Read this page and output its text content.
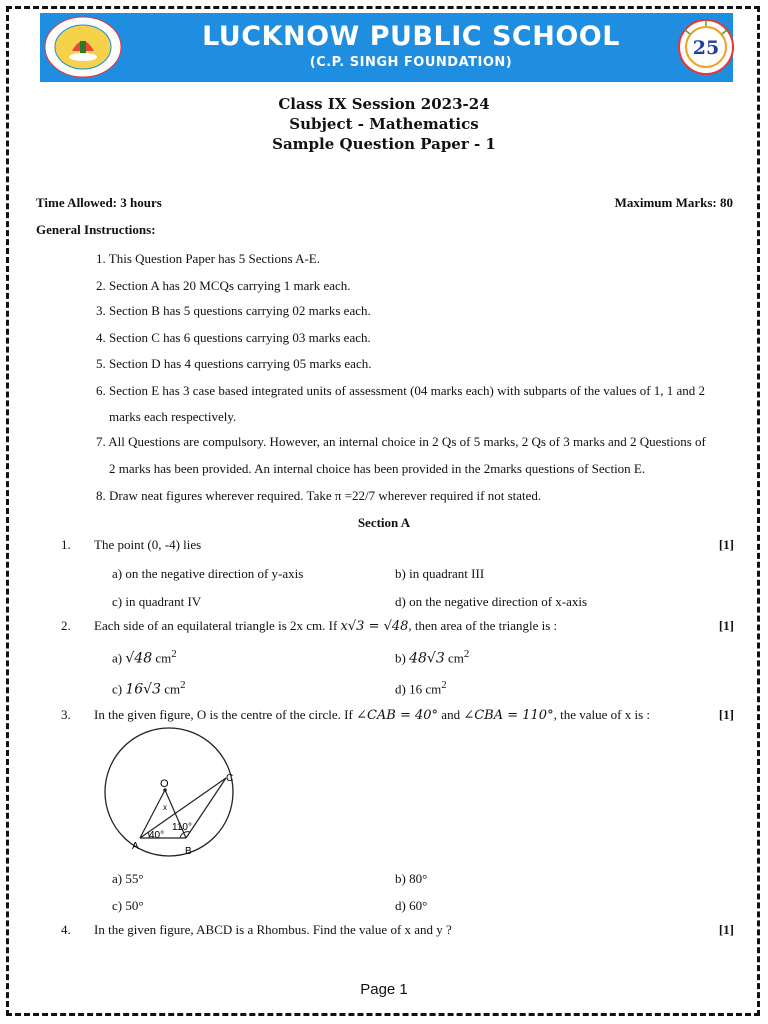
LUCKNOW PUBLIC SCHOOL
(C.P. SINGH FOUNDATION)
25
Class IX Session 2023-24
Subject - Mathematics
Sample Question Paper - 1
Time Allowed: 3 hours	Maximum Marks: 80
General Instructions:
1. This Question Paper has 5 Sections A-E.
2. Section A has 20 MCQs carrying 1 mark each.
3. Section B has 5 questions carrying 02 marks each.
4. Section C has 6 questions carrying 03 marks each.
5. Section D has 4 questions carrying 05 marks each.
6. Section E has 3 case based integrated units of assessment (04 marks each) with subparts of the values of 1, 1 and 2
marks each respectively.
7. All Questions are compulsory. However, an internal choice in 2 Qs of 5 marks, 2 Qs of 3 marks and 2 Questions of
2 marks has been provided. An internal choice has been provided in the 2marks questions of Section E.
8. Draw neat figures wherever required. Take π =22/7 wherever required if not stated.
Section A
1. The point (0, -4) lies	[1]
a) on the negative direction of y-axis	b) in quadrant III
c) in quadrant IV	d) on the negative direction of x-axis
2. Each side of an equilateral triangle is 2x cm. If x√3 = √48, then area of the triangle is :	[1]
a) √48 $cm^2$	b) 48√3 $cm^2$
c) 16√3 $cm^2$	d) 16 $cm^2$
3. In the given figure, O is the centre of the circle. If ∠CAB = 40° and ∠CBA = 110°, the value of x is :	[1]
O	C
A	B
x
40°
110°
a) 55°	b) 80°
c) 50°	d) 60°
4. In the given figure, ABCD is a Rhombus. Find the value of x and y ?	[1]
Page 1
